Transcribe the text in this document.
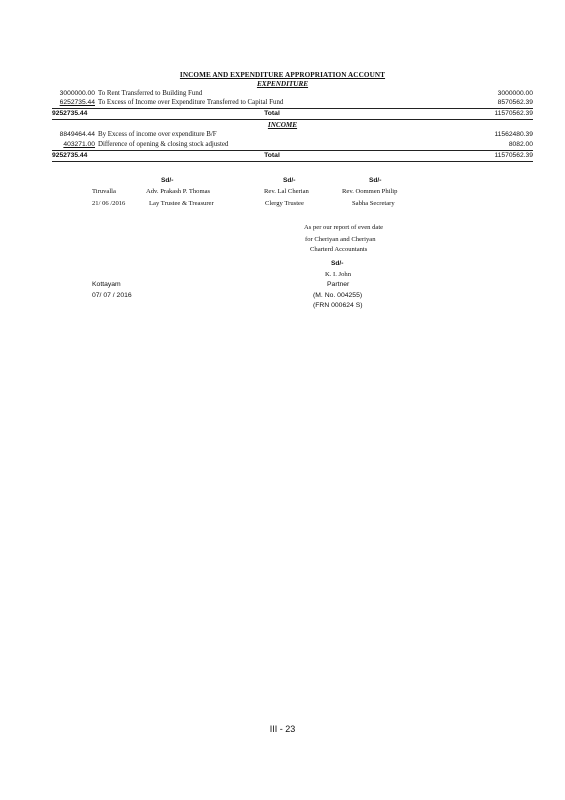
INCOME AND EXPENDITURE APPROPRIATION ACCOUNT
EXPENDITURE
3000000.00 To Rent Transferred to Building Fund	3000000.00
6252735.44 To Excess of Income over Expenditure Transferred to Capital Fund	8570562.39
9252735.44	Total	11570562.39
INCOME
8849464.44 By Excess of income over expenditure B/F	11562480.39
403271.00 Difference of opening & closing stock adjusted	8082.00
9252735.44	Total	11570562.39
Sd/-	Sd/-	Sd/-
Tiruvalla	Adv. Prakash P. Thomas	Rev. Lal Cherian	Rev. Oommen Philip
21/ 06 /2016	Lay Trustee & Treasurer	Clergy Trustee	Sabha Secretary
As per our report of even date
for Cheriyan and Cheriyan
Charterd Accountants
Sd/-
K. I. John
Kottayam	Partner
07/ 07 / 2016	(M. No. 004255)
(FRN 000624 S)
III - 23
